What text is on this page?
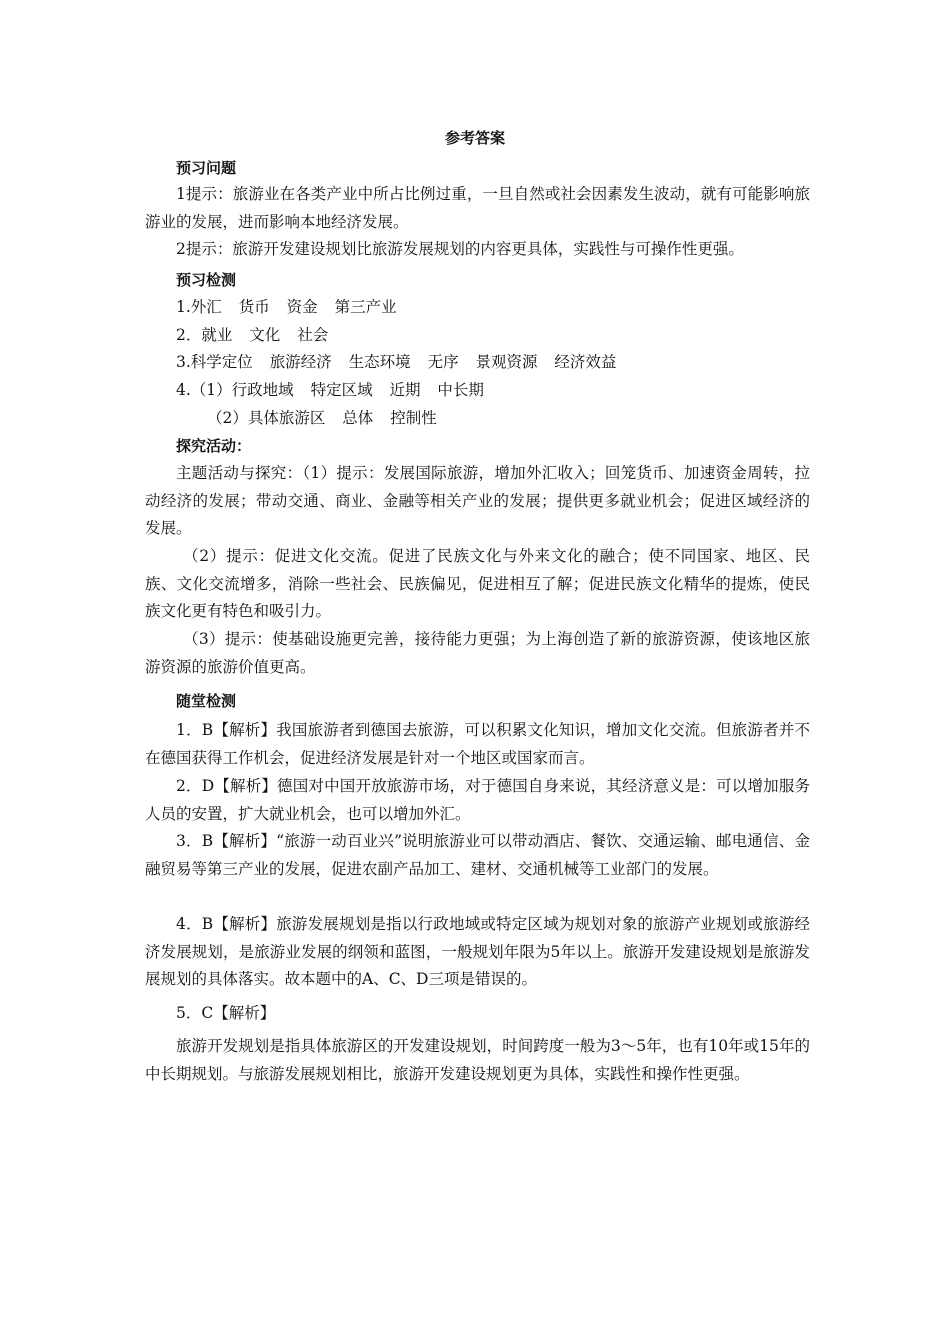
参考答案
预习问题
1提示：旅游业在各类产业中所占比例过重，一旦自然或社会因素发生波动，就有可能影响旅游业的发展，进而影响本地经济发展。
2提示：旅游开发建设规划比旅游发展规划的内容更具体，实践性与可操作性更强。
预习检测
1.外汇 货币 资金 第三产业
2．就业 文化 社会
3.科学定位 旅游经济 生态环境 无序 景观资源 经济效益
4.（1）行政地域 特定区域 近期 中长期
（2）具体旅游区 总体 控制性
探究活动：
主题活动与探究：（1）提示：发展国际旅游，增加外汇收入；回笼货币、加速资金周转，拉动经济的发展；带动交通、商业、金融等相关产业的发展；提供更多就业机会；促进区域经济的发展。
（2）提示：促进文化交流。促进了民族文化与外来文化的融合；使不同国家、地区、民族、文化交流增多，消除一些社会、民族偏见，促进相互了解；促进民族文化精华的提炼，使民族文化更有特色和吸引力。
（3）提示：使基础设施更完善，接待能力更强；为上海创造了新的旅游资源，使该地区旅游资源的旅游价值更高。
随堂检测
1．B【解析】我国旅游者到德国去旅游，可以积累文化知识，增加文化交流。但旅游者并不在德国获得工作机会，促进经济发展是针对一个地区或国家而言。
2．D【解析】德国对中国开放旅游市场，对于德国自身来说，其经济意义是：可以增加服务人员的安置，扩大就业机会，也可以增加外汇。
3．B【解析】“旅游一动百业兴”说明旅游业可以带动酒店、餐饮、交通运输、邮电通信、金融贸易等第三产业的发展，促进农副产品加工、建材、交通机械等工业部门的发展。
4．B【解析】旅游发展规划是指以行政地域或特定区域为规划对象的旅游产业规划或旅游经济发展规划，是旅游业发展的纲领和蓝图，一般规划年限为5年以上。旅游开发建设规划是旅游发展规划的具体落实。故本题中的A、C、D三项是错误的。
5．C【解析】
旅游开发规划是指具体旅游区的开发建设规划，时间跨度一般为3～5年，也有10年或15年的中长期规划。与旅游发展规划相比，旅游开发建设规划更为具体，实践性和操作性更强。
